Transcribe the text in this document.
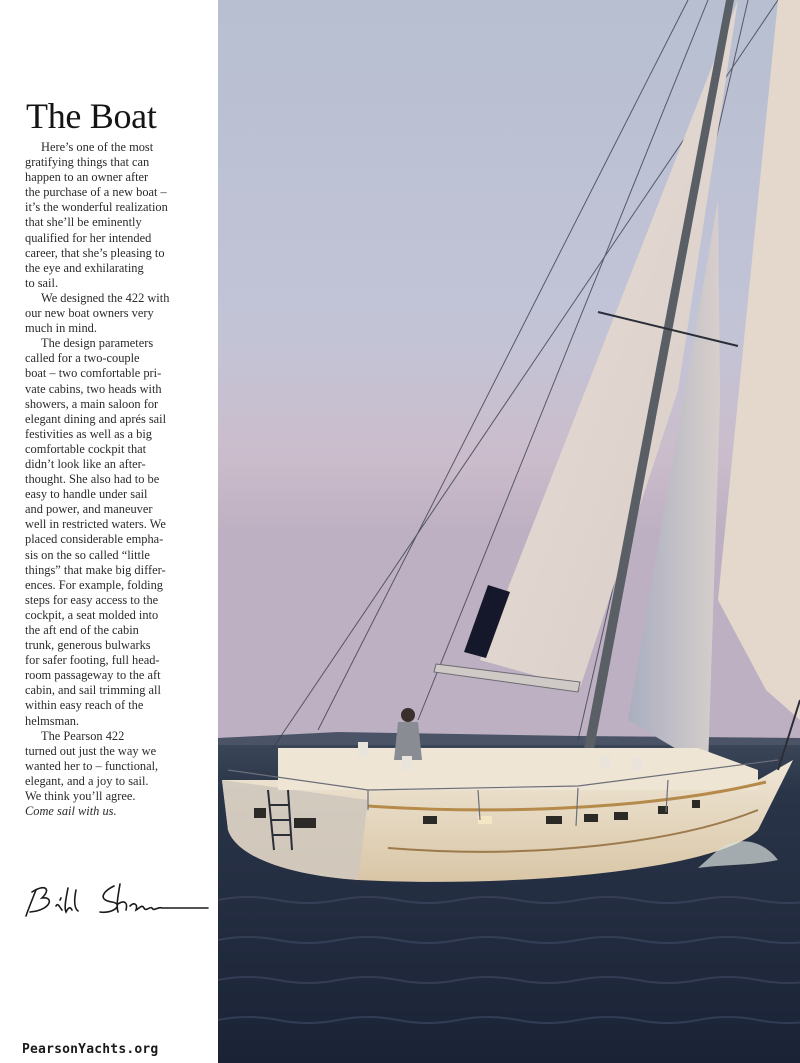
The Boat
Here’s one of the most
gratifying things that can
happen to an owner after
the purchase of a new boat –
it’s the wonderful realization
that she’ll be eminently
qualified for her intended
career, that she’s pleasing to
the eye and exhilarating
to sail.
We designed the 422 with
our new boat owners very
much in mind.
The design parameters
called for a two-couple
boat – two comfortable pri-
vate cabins, two heads with
showers, a main saloon for
elegant dining and aprés sail
festivities as well as a big
comfortable cockpit that
didn’t look like an after-
thought. She also had to be
easy to handle under sail
and power, and maneuver
well in restricted waters. We
placed considerable empha-
sis on the so called “little
things” that make big differ-
ences. For example, folding
steps for easy access to the
cockpit, a seat molded into
the aft end of the cabin
trunk, generous bulwarks
for safer footing, full head-
room passageway to the aft
cabin, and sail trimming all
within easy reach of the
helmsman.
The Pearson 422
turned out just the way we
wanted her to – functional,
elegant, and a joy to sail.
We think you’ll agree.
Come sail with us.
PearsonYachts.org
